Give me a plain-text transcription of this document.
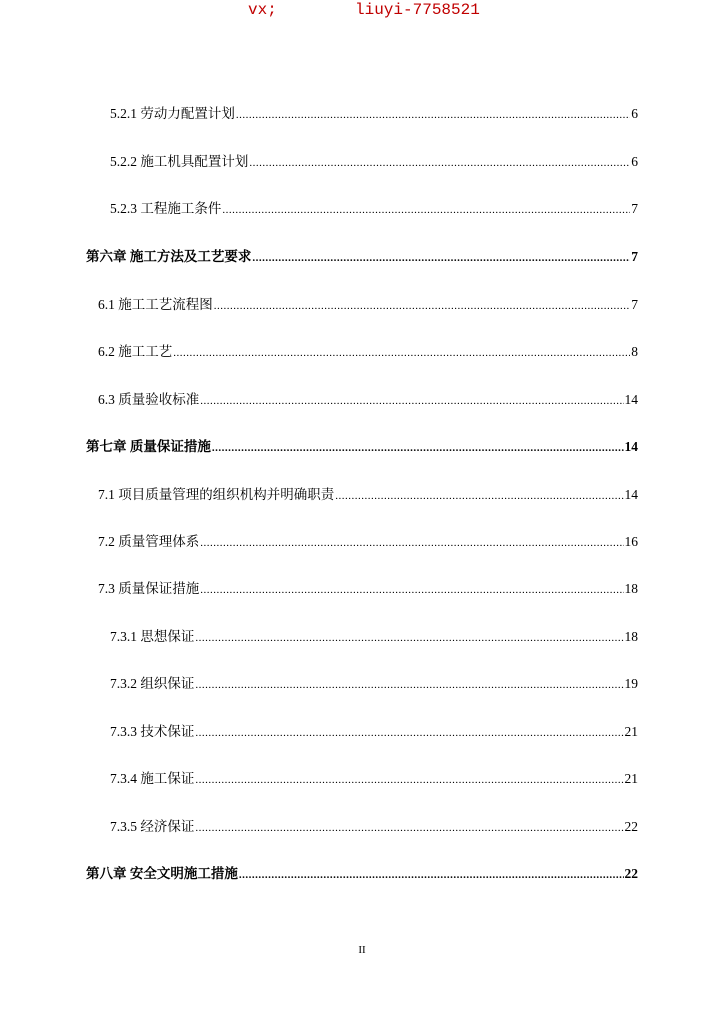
vx;	liuyi-7758521
5.2.1 劳动力配置计划 .....	6
5.2.2 施工机具配置计划 .....	6
5.2.3 工程施工条件 .....	7
第六章 施工方法及工艺要求 .....	7
6.1 施工工艺流程图 .....	7
6.2 施工工艺 .....	8
6.3 质量验收标准 .....	14
第七章 质量保证措施 .....	14
7.1 项目质量管理的组织机构并明确职责 .....	14
7.2 质量管理体系 .....	16
7.3 质量保证措施 .....	18
7.3.1 思想保证 .....	18
7.3.2 组织保证 .....	19
7.3.3 技术保证 .....	21
7.3.4 施工保证 .....	21
7.3.5 经济保证 .....	22
第八章 安全文明施工措施 .....	22
II
